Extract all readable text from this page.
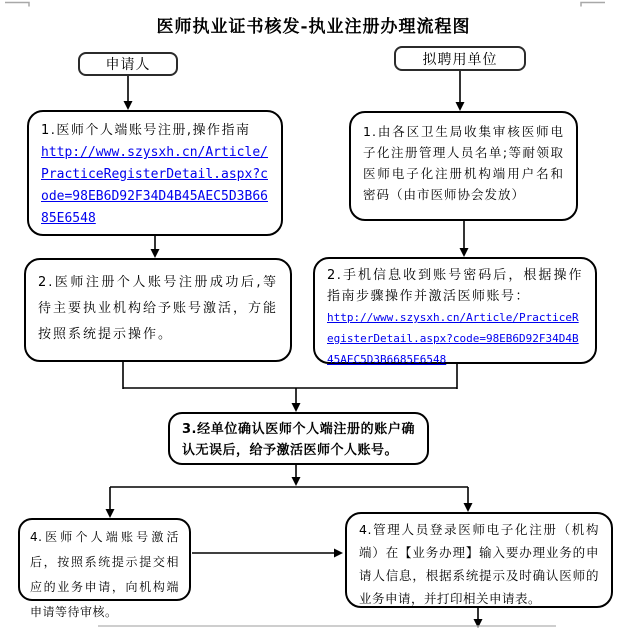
医师执业证书核发-执业注册办理流程图
申请人	拟聘用单位
1.医师个人端账号注册,操作指南
http://www.szysxh.cn/Article/PracticeRegisterDetail.aspx?code=98EB6D92F34D4B45AEC5D3B6685E6548
1.由各区卫生局收集审核医师电子化注册管理人员名单;等耐领取医师电子化注册机构端用户名和密码（由市医师协会发放）
2.医师注册个人账号注册成功后,等待主要执业机构给予账号激活，方能按照系统提示操作。
2.手机信息收到账号密码后，根据操作指南步骤操作并激活医师账号：
http://www.szysxh.cn/Article/PracticeRegisterDetail.aspx?code=98EB6D92F34D4B45AEC5D3B6685E6548
3.经单位确认医师个人端注册的账户确认无误后，给予激活医师个人账号。
4.医师个人端账号激活后，按照系统提示提交相应的业务申请，向机构端申请等待审核。
4.管理人员登录医师电子化注册（机构端）在【业务办理】输入要办理业务的申请人信息，根据系统提示及时确认医师的业务申请，并打印相关申请表。
